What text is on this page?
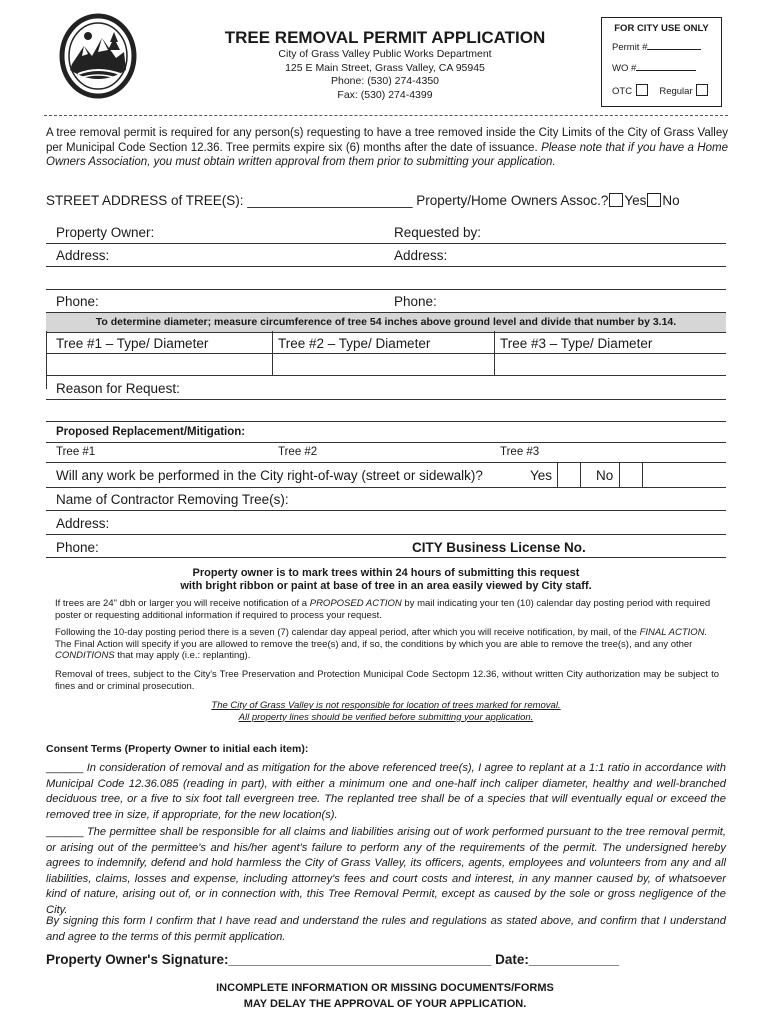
TREE REMOVAL PERMIT APPLICATION
City of Grass Valley Public Works Department
125 E Main Street, Grass Valley, CA 95945
Phone: (530) 274-4350
Fax: (530) 274-4399
FOR CITY USE ONLY
Permit #
WO #
OTC	Regular
A tree removal permit is required for any person(s) requesting to have a tree removed inside the City Limits of the City of Grass Valley per Municipal Code Section 12.36. Tree permits expire six (6) months after the date of issuance. Please note that if you have a Home Owners Association, you must obtain written approval from them prior to submitting your application.
STREET ADDRESS of TREE(S): ______________________ Property/Home Owners Assoc.? Yes No
Property Owner:	Requested by:
Address:	Address:
Phone:	Phone:
To determine diameter; measure circumference of tree 54 inches above ground level and divide that number by 3.14.
Tree #1 – Type/ Diameter	Tree #2 – Type/ Diameter	Tree #3 – Type/ Diameter
Reason for Request:
Proposed Replacement/Mitigation:
Tree #1	Tree #2	Tree #3
Will any work be performed in the City right-of-way (street or sidewalk)?	Yes	No
Name of Contractor Removing Tree(s):
Address:
Phone:	CITY Business License No.
Property owner is to mark trees within 24 hours of submitting this request
with bright ribbon or paint at base of tree in an area easily viewed by City staff.
If trees are 24" dbh or larger you will receive notification of a PROPOSED ACTION by mail indicating your ten (10) calendar day posting period with required poster or requesting additional information if required to process your request.
Following the 10-day posting period there is a seven (7) calendar day appeal period, after which you will receive notification, by mail, of the FINAL ACTION. The Final Action will specify if you are allowed to remove the tree(s) and, if so, the conditions by which you are able to remove the tree(s), and any other CONDITIONS that may apply (i.e.: replanting).
Removal of trees, subject to the City's Tree Preservation and Protection Municipal Code Sectopm 12.36, without written City authorization may be subject to fines and or criminal prosecution.
The City of Grass Valley is not responsible for location of trees marked for removal.
All property lines should be verified before submitting your application.
Consent Terms (Property Owner to initial each item):
______ In consideration of removal and as mitigation for the above referenced tree(s), I agree to replant at a 1:1 ratio in accordance with Municipal Code 12.36.085 (reading in part), with either a minimum one and one-half inch caliper diameter, healthy and well-branched deciduous tree, or a five to six foot tall evergreen tree. The replanted tree shall be of a species that will eventually equal or exceed the removed tree in size, if appropriate, for the new location(s).
______ The permittee shall be responsible for all claims and liabilities arising out of work performed pursuant to the tree removal permit, or arising out of the permittee's and his/her agent's failure to perform any of the requirements of the permit. The undersigned hereby agrees to indemnify, defend and hold harmless the City of Grass Valley, its officers, agents, employees and volunteers from any and all liabilities, claims, losses and expense, including attorney's fees and court costs and interest, in any manner caused by, of whatsoever kind of nature, arising out of, or in connection with, this Tree Removal Permit, except as caused by the sole or gross negligence of the City.
By signing this form I confirm that I have read and understand the rules and regulations as stated above, and confirm that I understand and agree to the terms of this permit application.
Property Owner's Signature:___________________________________ Date:____________
INCOMPLETE INFORMATION OR MISSING DOCUMENTS/FORMS
MAY DELAY THE APPROVAL OF YOUR APPLICATION.
